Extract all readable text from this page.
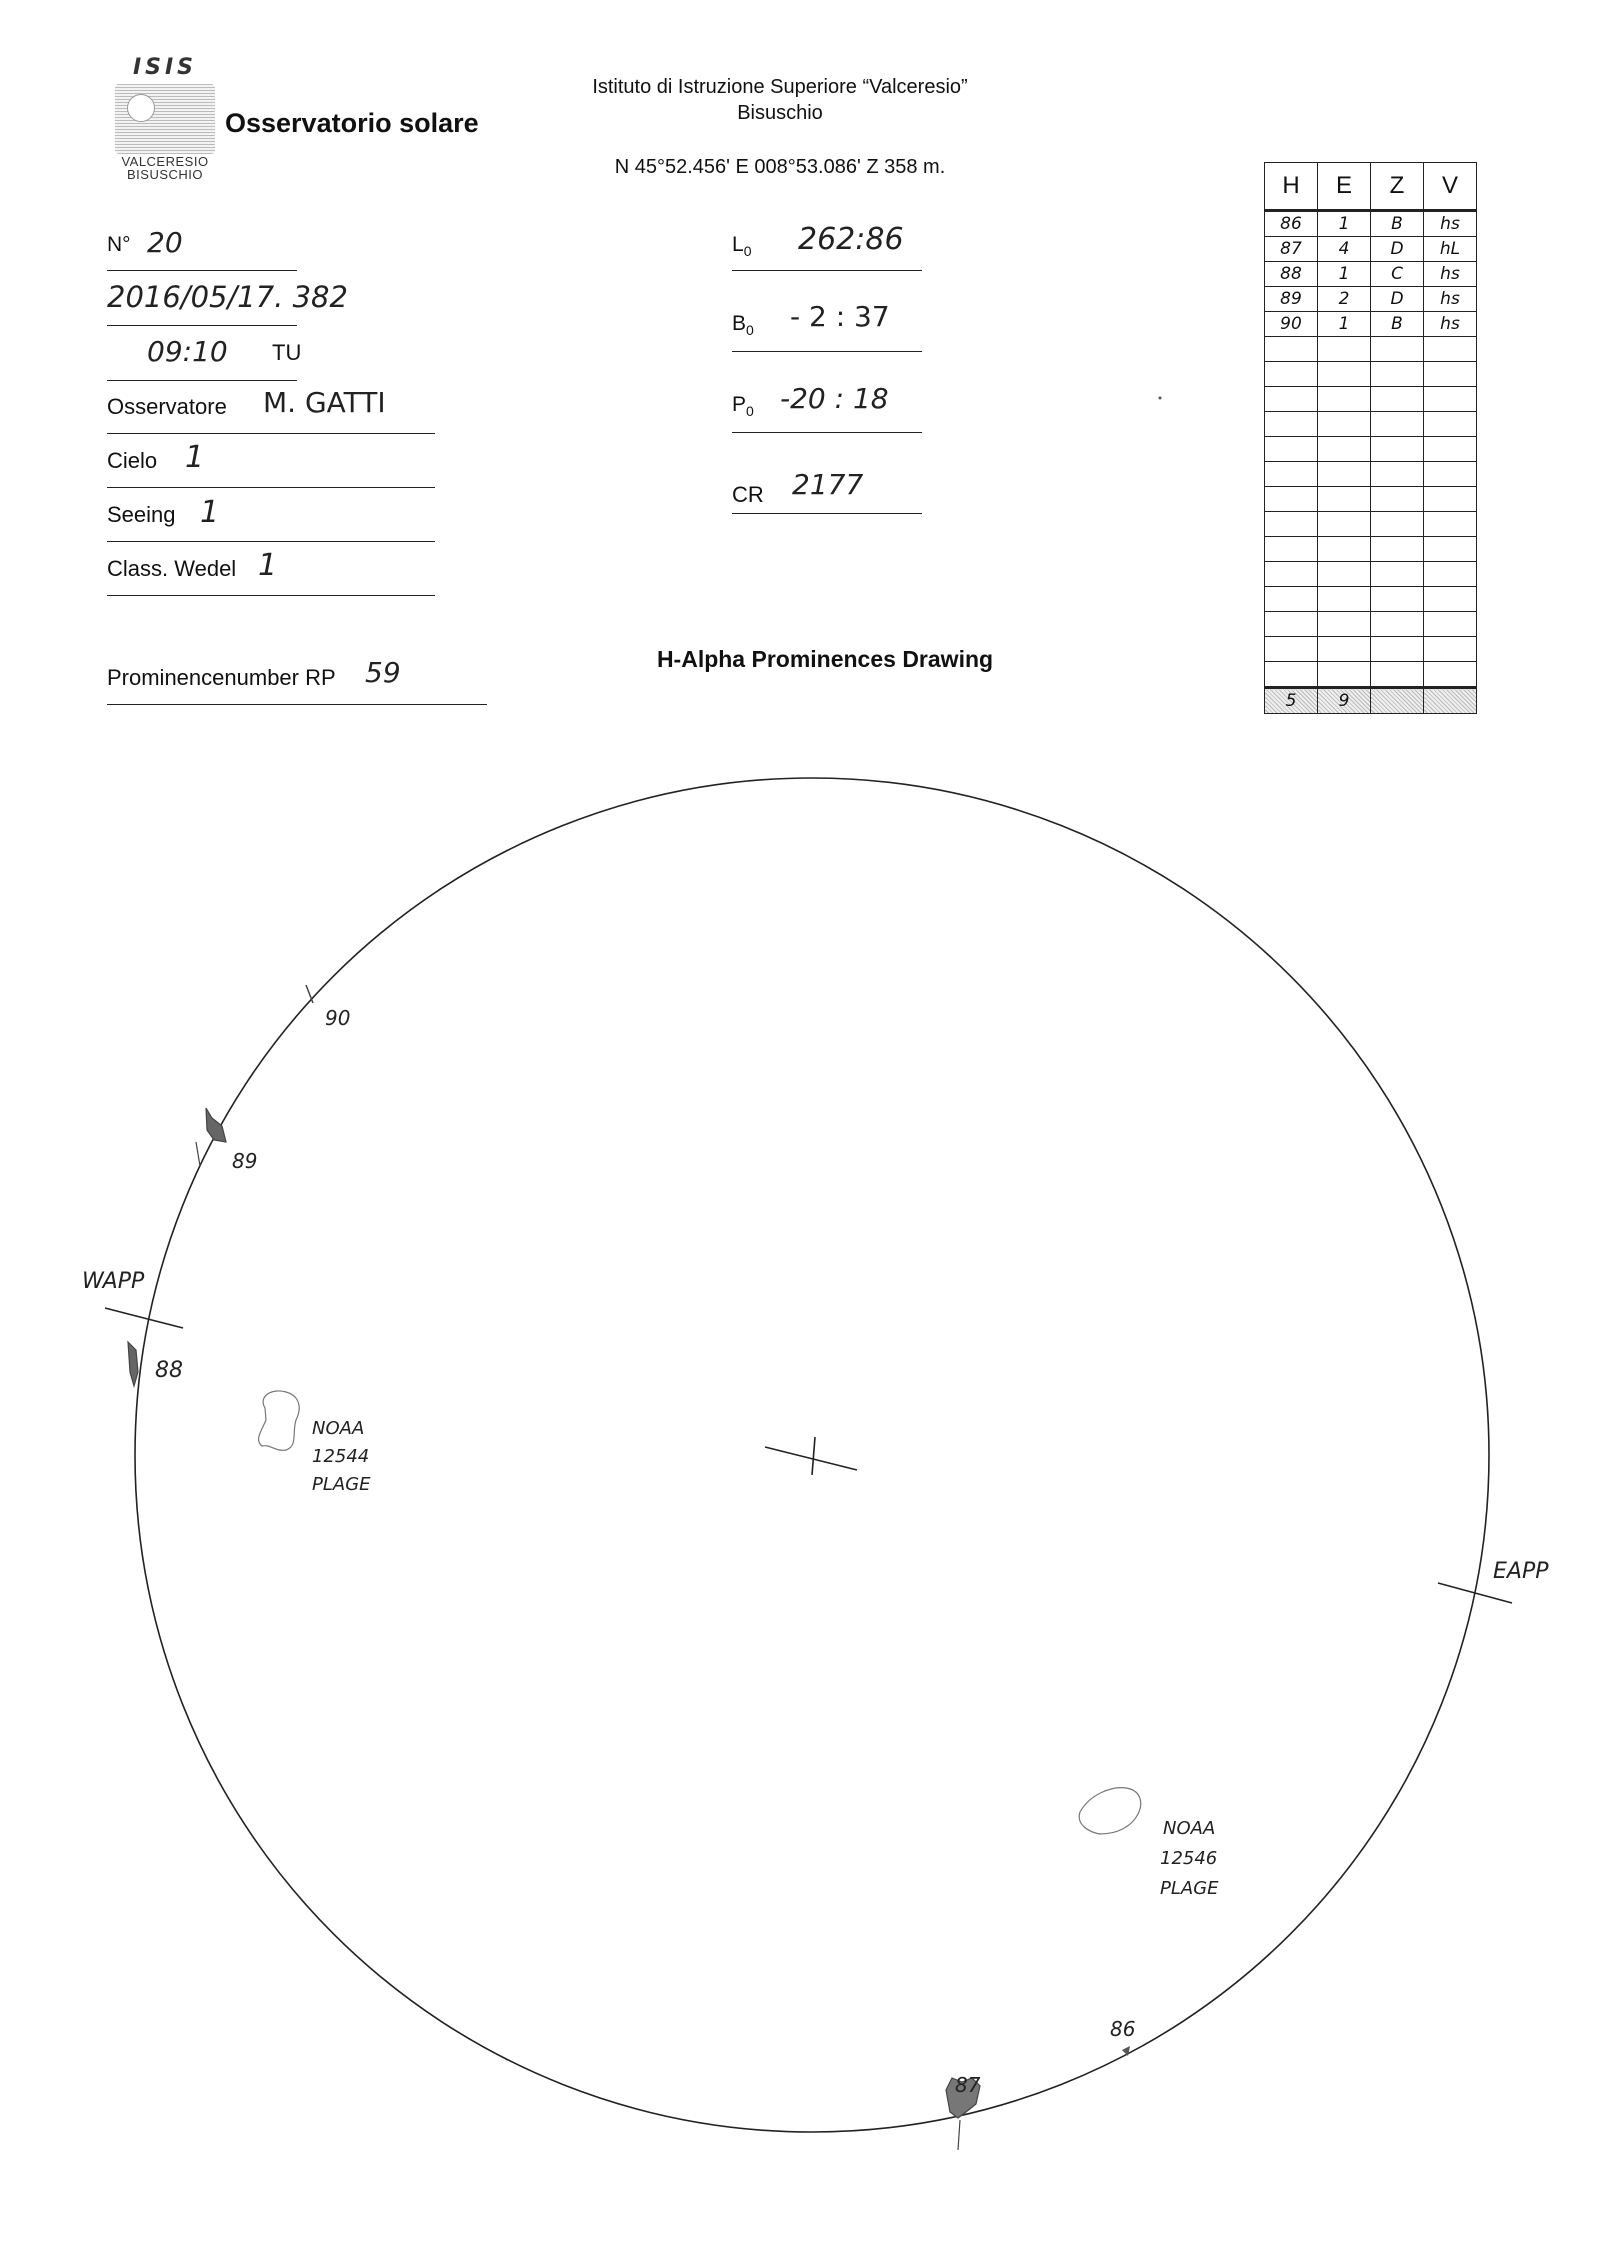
ISIS
VALCERESIO
BISUSCHIO
Osservatorio solare
Istituto di Istruzione Superiore “Valceresio”
Bisuschio
N 45°52.456' E 008°53.086' Z 358 m.
N° 20
2016/05/17. 382
09:10 TU
Osservatore M. GATTI
Cielo 1
Seeing 1
Class. Wedel 1
Prominencenumber RP 59
$L_0$ 262:86
$B_0 - 2$ : 37
$P_0$ -20 : 18
CR 2177
H-Alpha Prominences Drawing
H	E	Z	V
86	1	B	hs
87	4	D	hL
88	1	C	hs
89	2	D	hs
90	1	B	hs

5	9		
WAPP
EAPP
90
89
88
87
86
NOAA
12544
PLAGE
NOAA
12546
PLAGE
